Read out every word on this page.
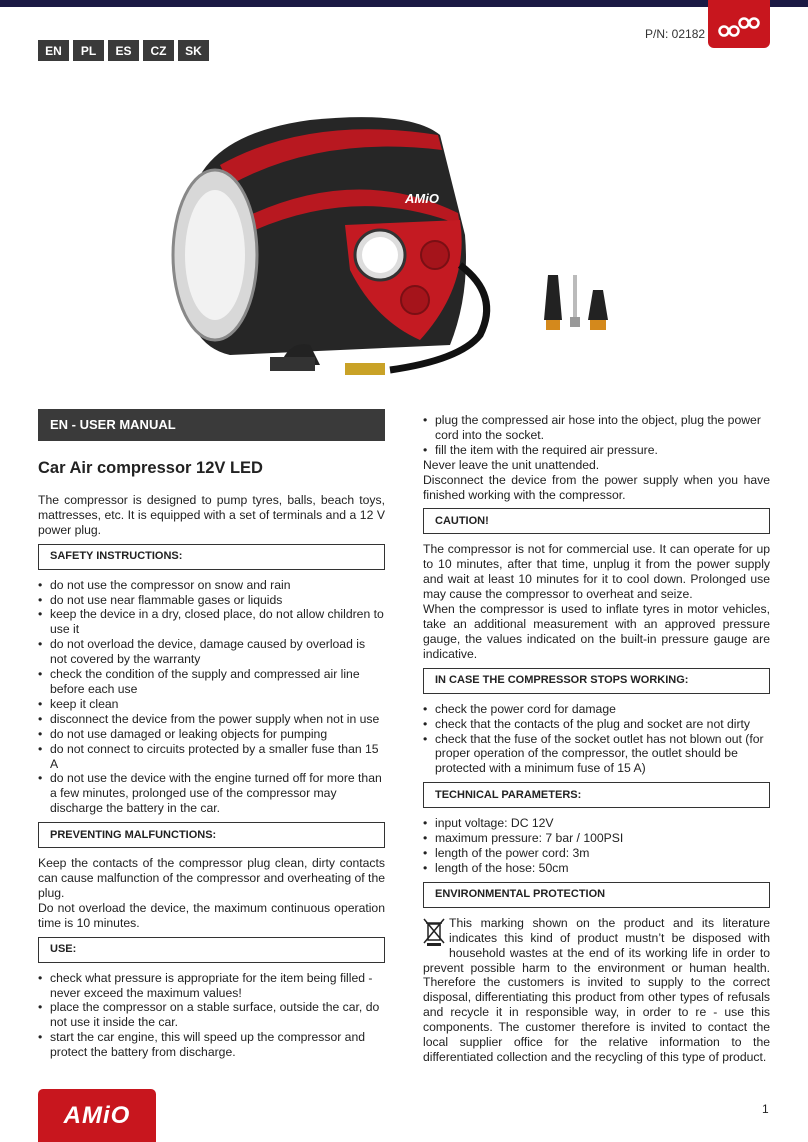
P/N: 02182
EN	PL	ES	CZ	SK
AMiO
EN - USER MANUAL
Car Air compressor 12V LED

The compressor is designed to pump tyres, balls, beach toys, mattresses, etc. It is equipped with a set of terminals and a 12 V power plug.

SAFETY INSTRUCTIONS:
• do not use the compressor on snow and rain
• do not use near flammable gases or liquids
• keep the device in a dry, closed place, do not allow children to use it
• do not overload the device, damage caused by overload is not covered by the warranty
• check the condition of the supply and compressed air line before each use
• keep it clean
• disconnect the device from the power supply when not in use
• do not use damaged or leaking objects for pumping
• do not connect to circuits protected by a smaller fuse than 15 A
• do not use the device with the engine turned off for more than a few minutes, prolonged use of the compressor may discharge the battery in the car.
PREVENTING MALFUNCTIONS:

Keep the contacts of the compressor plug clean, dirty contacts can cause malfunction of the compressor and overheating of the plug.

Do not overload the device, the maximum continuous operation time is 10 minutes.

USE:
• check what pressure is appropriate for the item being filled - never exceed the maximum values!
• place the compressor on a stable surface, outside the car, do not use it inside the car.
• start the car engine, this will speed up the compressor and protect the battery from discharge.
• plug the compressed air hose into the object, plug the power cord into the socket.
• fill the item with the required air pressure.

Never leave the unit unattended.

Disconnect the device from the power supply when you have finished working with the compressor.

CAUTION!

The compressor is not for commercial use. It can operate for up to 10 minutes, after that time, unplug it from the power supply and wait at least 10 minutes for it to cool down. Prolonged use may cause the compressor to overheat and seize.

When the compressor is used to inflate tyres in motor vehicles, take an additional measurement with an approved pressure gauge, the values indicated on the built-in pressure gauge are indicative.

IN CASE THE COMPRESSOR STOPS WORKING:
• check the power cord for damage
• check that the contacts of the plug and socket are not dirty
• check that the fuse of the socket outlet has not blown out (for proper operation of the compressor, the outlet should be protected with a minimum fuse of 15 A)
TECHNICAL PARAMETERS:
• input voltage: DC 12V
• maximum pressure: 7 bar / 100PSI
• length of the power cord: 3m
• length of the hose: 50cm
ENVIRONMENTAL PROTECTION

This marking shown on the product and its literature indicates this kind of product mustn’t be disposed with household wastes at the end of its working life in order to prevent possible harm to the environment or human health. Therefore the customers is invited to supply to the correct disposal, differentiating this product from other types of refusals and recycle it in responsible way, in order to re - use this components. The customer therefore is invited to contact the local supplier office for the relative information to the differentiated collection and the recycling of this type of product.

AMiO	1
